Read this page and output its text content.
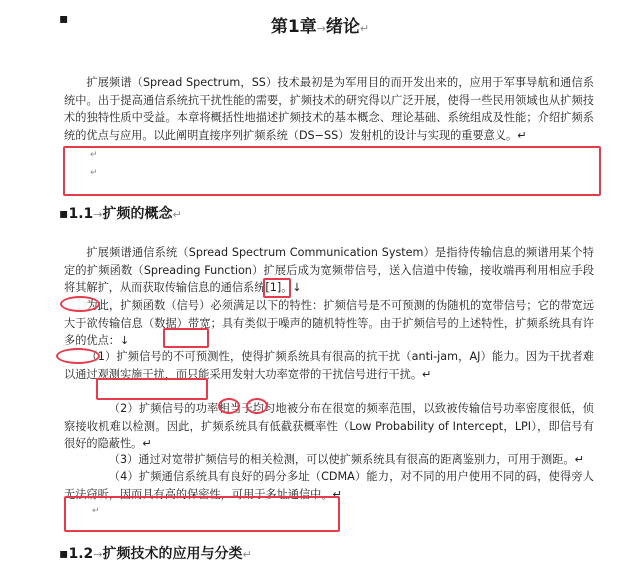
▪	第1章→绪论↵
扩展频谱（Spread Spectrum，SS）技术最初是为军用目的而开发出来的，应用于军事导航和通信系统中。出于提高通信系统抗干扰性能的需要，扩频技术的研究得以广泛开展，使得一些民用领域也从扩频技术的独特性质中受益。本章将概括性地描述扩频技术的基本概念、理论基础、系统组成及性能；介绍扩频系统的优点与应用。以此阐明直接序列扩频系统（DS−SS）发射机的设计与实现的重要意义。↵
↵
↵
▪1.1→扩频的概念↵
扩展频谱通信系统（Spread Spectrum Communication System）是指待传输信息的频谱用某个特定的扩频函数（Spreading Function）扩展后成为宽频带信号，送入信道中传输，接收端再利用相应手段将其解扩，从而获取传输信息的通信系统[1]。↓
为此，扩频函数（信号）必须满足以下的特性：扩频信号是不可预测的伪随机的宽带信号；它的带宽远大于欲传输信息（数据）带宽；具有类似于噪声的随机特性等。由于扩频信号的上述特性，扩频系统具有许多的优点：↓
（1）扩频信号的不可预测性，使得扩频系统具有很高的抗干扰（anti-jam，AJ）能力。因为干扰者难以通过观测实施干扰，而只能采用发射大功率宽带的干扰信号进行干扰。↵
（2）扩频信号的功率相当于均匀地被分布在很宽的频率范围，以致被传输信号功率密度很低，侦察接收机难以检测。因此，扩频系统具有低截获概率性（Low Probability of Intercept，LPI），即信号有很好的隐蔽性。↵
（3）通过对宽带扩频信号的相关检测，可以使扩频系统具有很高的距离鉴别力，可用于测距。↵
（4）扩频通信系统具有良好的码分多址（CDMA）能力，对不同的用户使用不同的码，使得旁人无法窃听，因而具有高的保密性，可用于多址通信中。↵
↵
▪1.2→扩频技术的应用与分类↵
